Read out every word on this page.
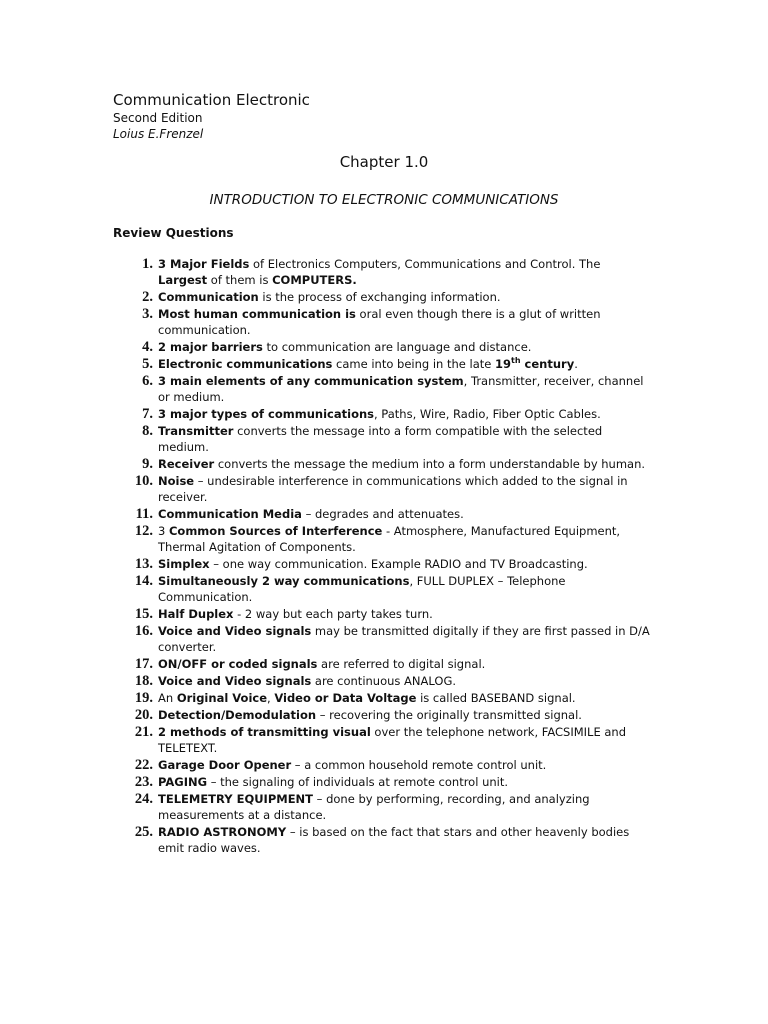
Communication Electronic
Second Edition
Loius E.Frenzel
Chapter 1.0
INTRODUCTION TO ELECTRONIC COMMUNICATIONS
Review Questions
1. 3 Major Fields of Electronics Computers, Communications and Control. The Largest of them is COMPUTERS.
2. Communication is the process of exchanging information.
3. Most human communication is oral even though there is a glut of written communication.
4. 2 major barriers to communication are language and distance.
5. Electronic communications came into being in the late 19th century.
6. 3 main elements of any communication system, Transmitter, receiver, channel or medium.
7. 3 major types of communications, Paths, Wire, Radio, Fiber Optic Cables.
8. Transmitter converts the message into a form compatible with the selected medium.
9. Receiver converts the message the medium into a form understandable by human.
10. Noise – undesirable interference in communications which added to the signal in receiver.
11. Communication Media – degrades and attenuates.
12. 3 Common Sources of Interference - Atmosphere, Manufactured Equipment, Thermal Agitation of Components.
13. Simplex – one way communication. Example RADIO and TV Broadcasting.
14. Simultaneously 2 way communications, FULL DUPLEX – Telephone Communication.
15. Half Duplex - 2 way but each party takes turn.
16. Voice and Video signals may be transmitted digitally if they are first passed in D/A converter.
17. ON/OFF or coded signals are referred to digital signal.
18. Voice and Video signals are continuous ANALOG.
19. An Original Voice, Video or Data Voltage is called BASEBAND signal.
20. Detection/Demodulation – recovering the originally transmitted signal.
21. 2 methods of transmitting visual over the telephone network, FACSIMILE and TELETEXT.
22. Garage Door Opener – a common household remote control unit.
23. PAGING – the signaling of individuals at remote control unit.
24. TELEMETRY EQUIPMENT – done by performing, recording, and analyzing measurements at a distance.
25. RADIO ASTRONOMY – is based on the fact that stars and other heavenly bodies emit radio waves.
